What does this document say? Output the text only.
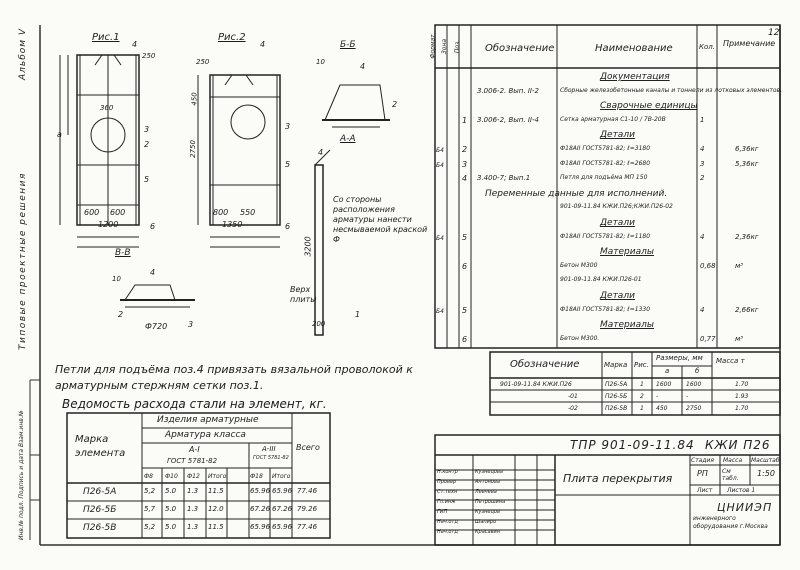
Альбом V
Типовые проектные решения
Инв.№ подл. Подпись и дата Взам.инв.№
12
Рис.1
600 600
1200
250
360
4
5
2
3
6
а
Рис.2
250
450
2750
800 550
1350
4
3
5
6
Б-Б
4
2
10
А-А
4
Со стороны расположения арматуры нанести несмываемой краской Ф
Верх плиты
3200
200
1
В-В
10
Ф720
4
2
3
Формат Зона Поз. Обозначение	Наименование	Кол. Примечание
Документация
3.006-2. Вып. II-2	Сборные железобетонные каналы и тоннели из лотковых элементов.
Сварочные единицы
1 3.006-2, Вып. II-4	Сетка арматурная С1-10 / 7В-20В	1
Детали
Б4 2	Ф18АII ГОСТ5781-82; ℓ=3180	4	6,36кг
Б4 3	Ф18АII ГОСТ5781-82; ℓ=2680	3	5,36кг
4 3.400-7; Вып.1	Петля для подъёма МП 150	2
Переменные данные для исполнений.
901-09-11.84 КЖИ.П26;КЖИ.П26-02
Детали
Б4 5	Ф18АII ГОСТ5781-82; ℓ=1180	4	2,36кг
Материалы
6	Бетон М300	0,68	м³
901-09-11.84 КЖИ.П26-01
Детали
Б4 5	Ф18АII ГОСТ5781-82; ℓ=1330	4	2,66кг
Материалы
6	Бетон М300.	0,77	м³
Обозначение	Марка Рис.
Размеры, мм
а	б
Масса т
901-09-11.84 КЖИ.П26	П26-5А 1 1600 1600	1.70
-01	П26-5Б 2 -	-	1.93
-02	П26-5В 1 450	2750	1.70
Петли для подъёма поз.4 привязать вязальной проволокой к арматурным стержням сетки поз.1.
Ведомость расхода стали на элемент, кг.
Марка элемента
Изделия арматурные
Арматура класса
А-I
ГОСТ 5781-82
А-III
ГОСТ 5781-82
Всего
Ф8 Ф10 Ф12 Итого	Ф18 Итого
П26-5А	5,2 5.0 1.3 11.5	65.96 65.96 77.46
П26-5Б	5,7 5.0 1.3 12.0	67.26 67.26 79.26
П26-5В	5,2 5.0 1.3 11.5	65.96 65.96 77.46
ТПР 901-09-11.84 КЖИ П26
Плита перекрытия
Стадия Масса Масштаб
РП См табл.
1:50
Лист Листов 1
ЦНИИЭП
инженерного оборудования г.Москва
Н.контр	Кузнецова
Провер	Антонова
Ст.техн	Левчева
Гл.инж	Петрошина
ГИП	Кузнецов
Нач.отд	Шапиро
Нач.отд	Красавин
